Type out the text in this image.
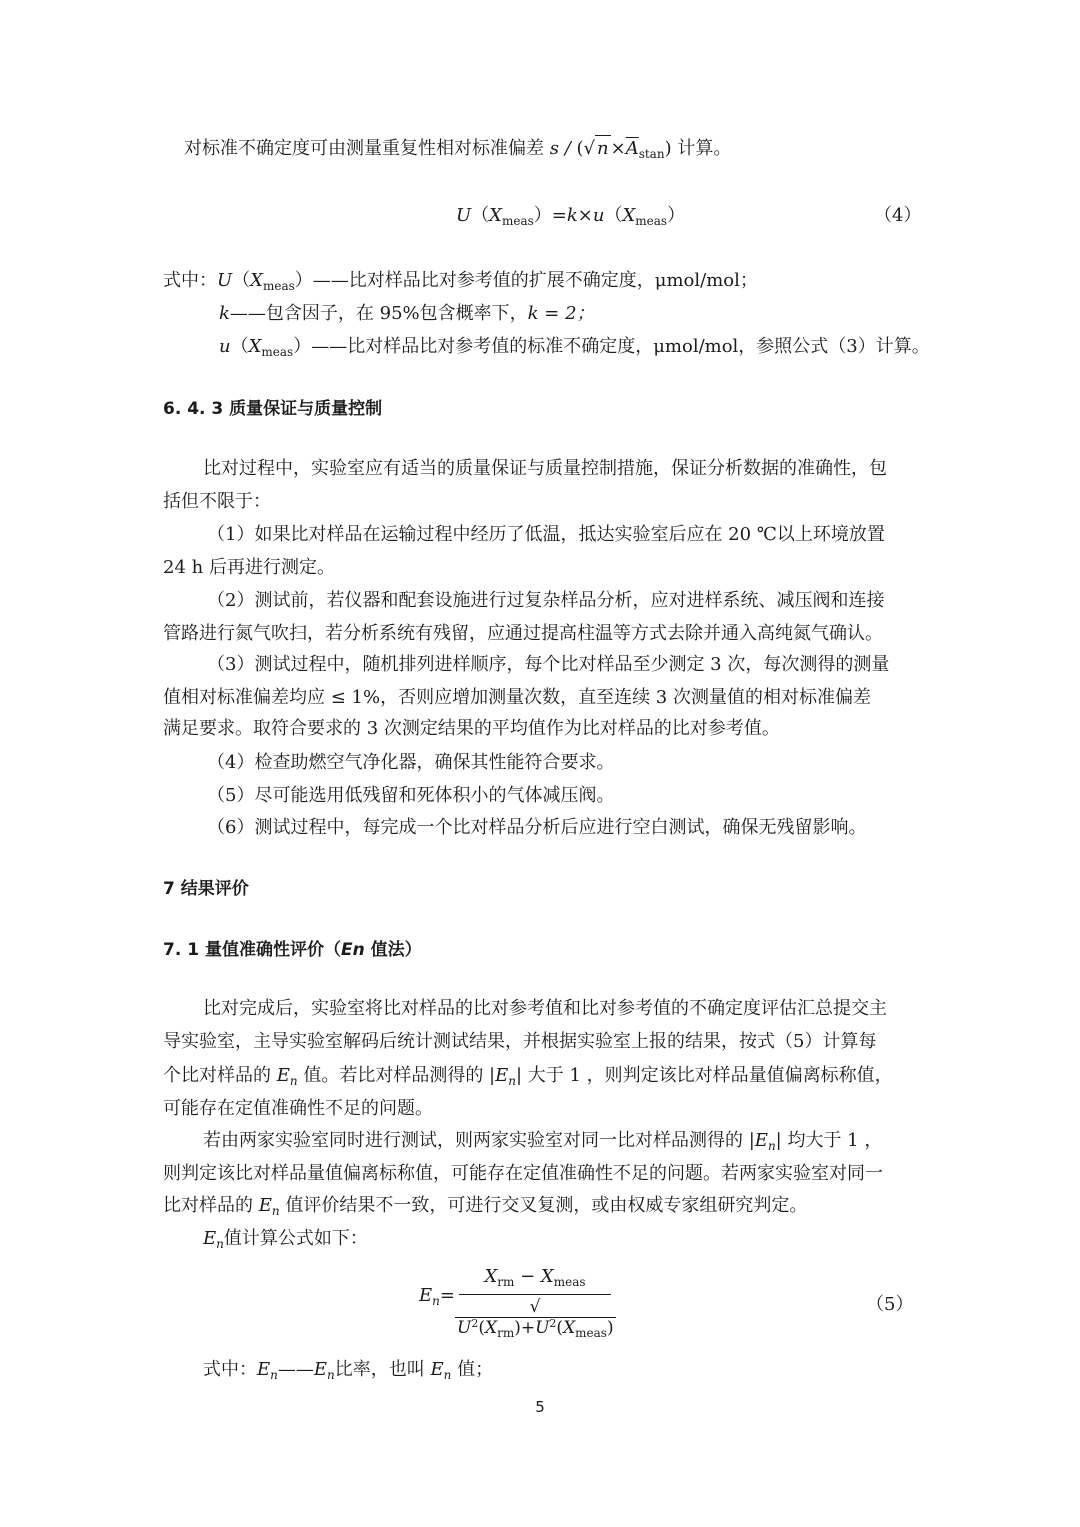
对标准不确定度可由测量重复性相对标准偏差 s / (√ $n \times\overline{A}_{stan}$) 计算。
$U(X_{meas})=k\times u(X_{meas})$	（4）
式中：$U(X_{meas})——$比对样品比对参考值的扩展不确定度，μmol/mol；
k——包含因子，在 95%包含概率下，k = 2；
$u(X_{meas})——$比对样品比对参考值的标准不确定度，μmol/mol，参照公式（3）计算。
6. 4. 3 质量保证与质量控制
比对过程中，实验室应有适当的质量保证与质量控制措施，保证分析数据的准确性，包
括但不限于：
（1）如果比对样品在运输过程中经历了低温，抵达实验室后应在 20 ℃以上环境放置
24 h 后再进行测定。
（2）测试前，若仪器和配套设施进行过复杂样品分析，应对进样系统、减压阀和连接
管路进行氮气吹扫，若分析系统有残留，应通过提高柱温等方式去除并通入高纯氮气确认。
（3）测试过程中，随机排列进样顺序，每个比对样品至少测定 3 次，每次测得的测量
值相对标准偏差均应 ≤ 1%，否则应增加测量次数，直至连续 3 次测量值的相对标准偏差
满足要求。取符合要求的 3 次测定结果的平均值作为比对样品的比对参考值。
（4）检查助燃空气净化器，确保其性能符合要求。
（5）尽可能选用低残留和死体积小的气体减压阀。
（6）测试过程中，每完成一个比对样品分析后应进行空白测试，确保无残留影响。
7 结果评价
7. 1 量值准确性评价（En 值法）
比对完成后，实验室将比对样品的比对参考值和比对参考值的不确定度评估汇总提交主
导实验室，主导实验室解码后统计测试结果，并根据实验室上报的结果，按式（5）计算每
个比对样品的 $E_n$ 值。若比对样品测得的 $|E_n|$ 大于 1 ，则判定该比对样品量值偏离标称值，
可能存在定值准确性不足的问题。
若由两家实验室同时进行测试，则两家实验室对同一比对样品测得的 $|E_n|$ 均大于 1 ，
则判定该比对样品量值偏离标称值，可能存在定值准确性不足的问题。若两家实验室对同一
比对样品的 $E_n$ 值评价结果不一致，可进行交叉复测，或由权威专家组研究判定。
$E_n$值计算公式如下：
$E_n=$
$X_{rm} - X_{meas}$
$√U^2(X_{rm})+U^2(X_{meas})$
（5）
式中：$E_n——E_n$比率，也叫 $E_n$ 值；
5
